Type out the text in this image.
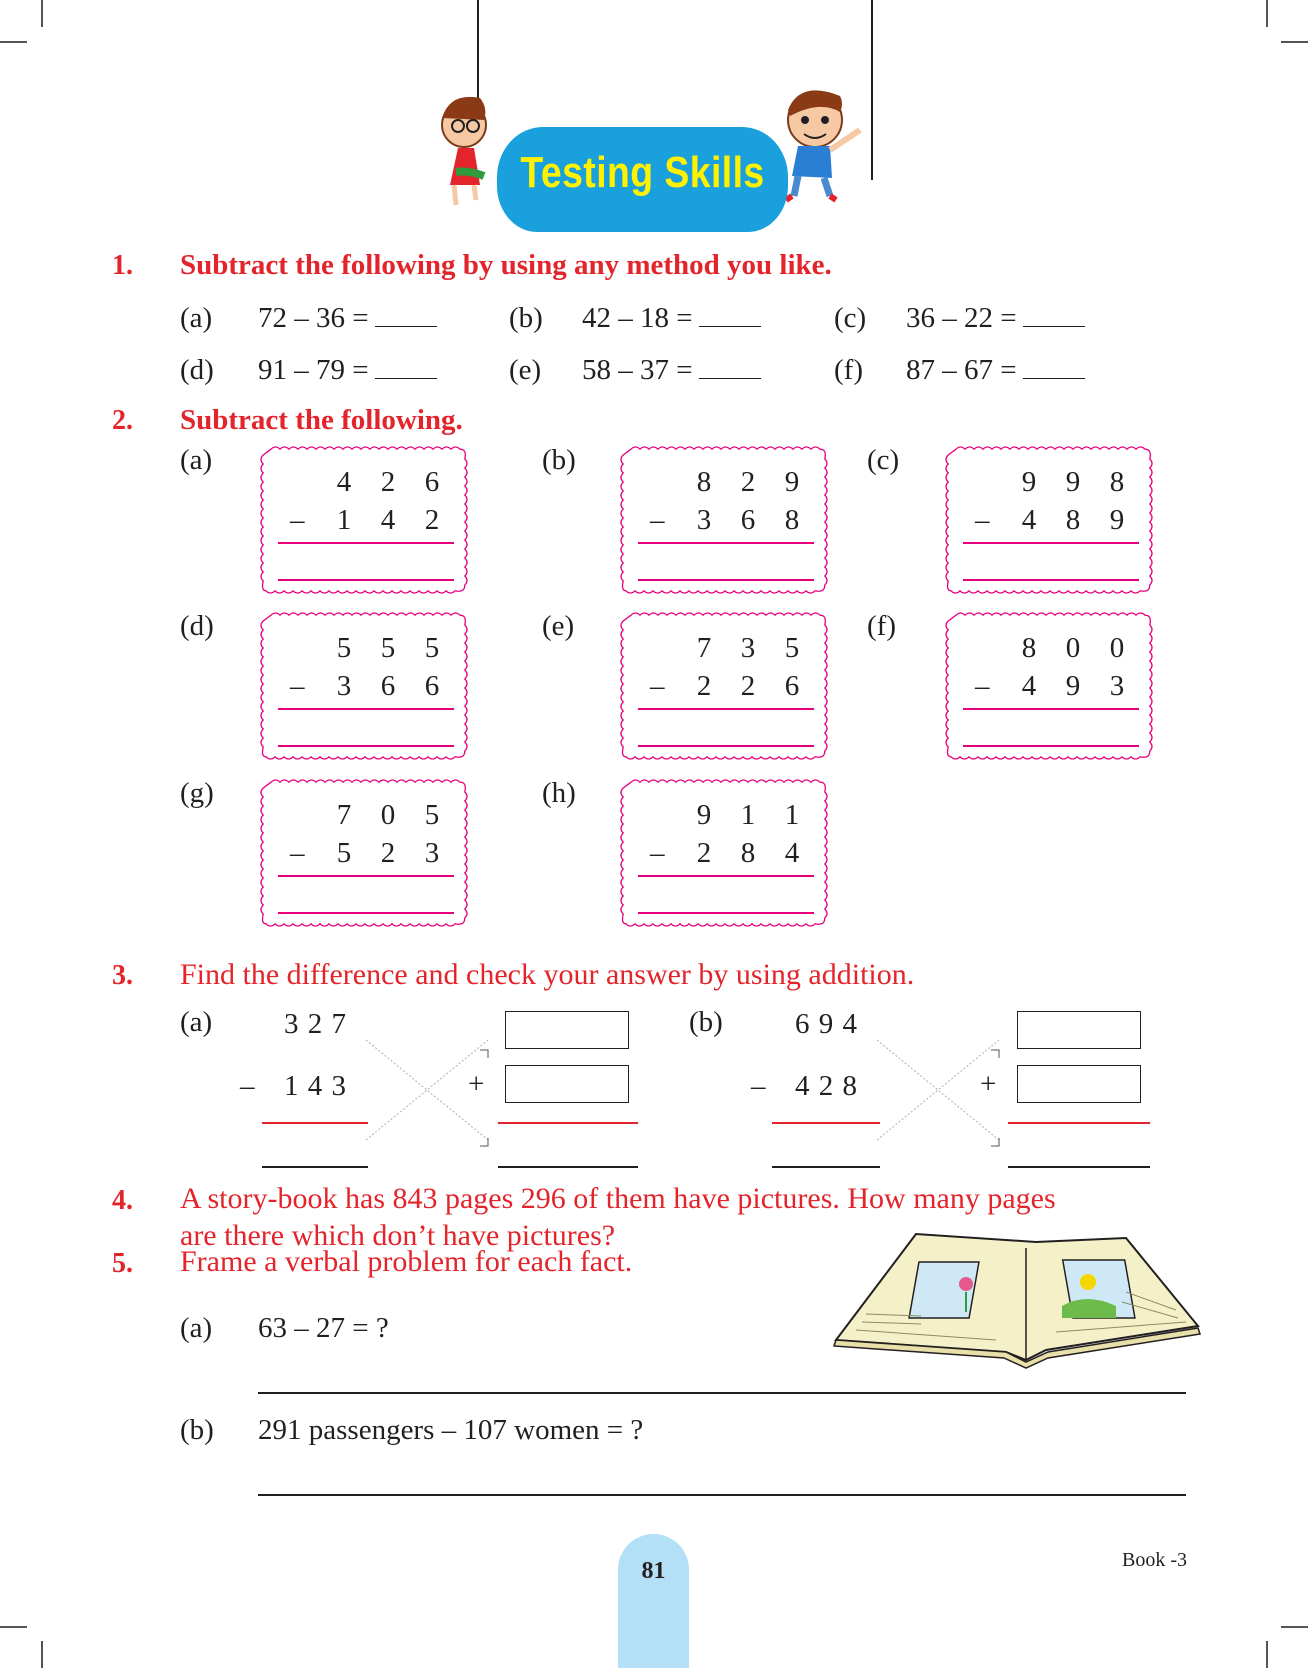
Testing Skills
1. Subtract the following by using any method you like.
(a) 72 – 36 =	(b) 42 – 18 =	(c) 36 – 22 =
(d) 91 – 79 =	(e) 58 – 37 =	(f) 87 – 67 =
2. Subtract the following.
(a)
4 2 6
–	1 4 2
(b)
8 2 9
–	3 6 8
(c)
9 9 8
–	4 8 9
(d)
5 5 5
–	3 6 6
(e)
7 3 5
–	2 2 6
(f)
8 0 0
–	4 9 3
(g)
7 0 5
–	5 2 3
(h)
9 1 1
–	2 8 4
3. Find the difference and check your answer by using addition.
(a) 3 2 7
– 1 4 3	+
(b) 6 9 4
– 4 2 8	+
4. A story-book has 843 pages 296 of them have pictures. How many pages
are there which don’t have pictures?
5. Frame a verbal problem for each fact.
(a) 63 – 27 = ?
(b) 291 passengers – 107 women = ?
81	Book -3
